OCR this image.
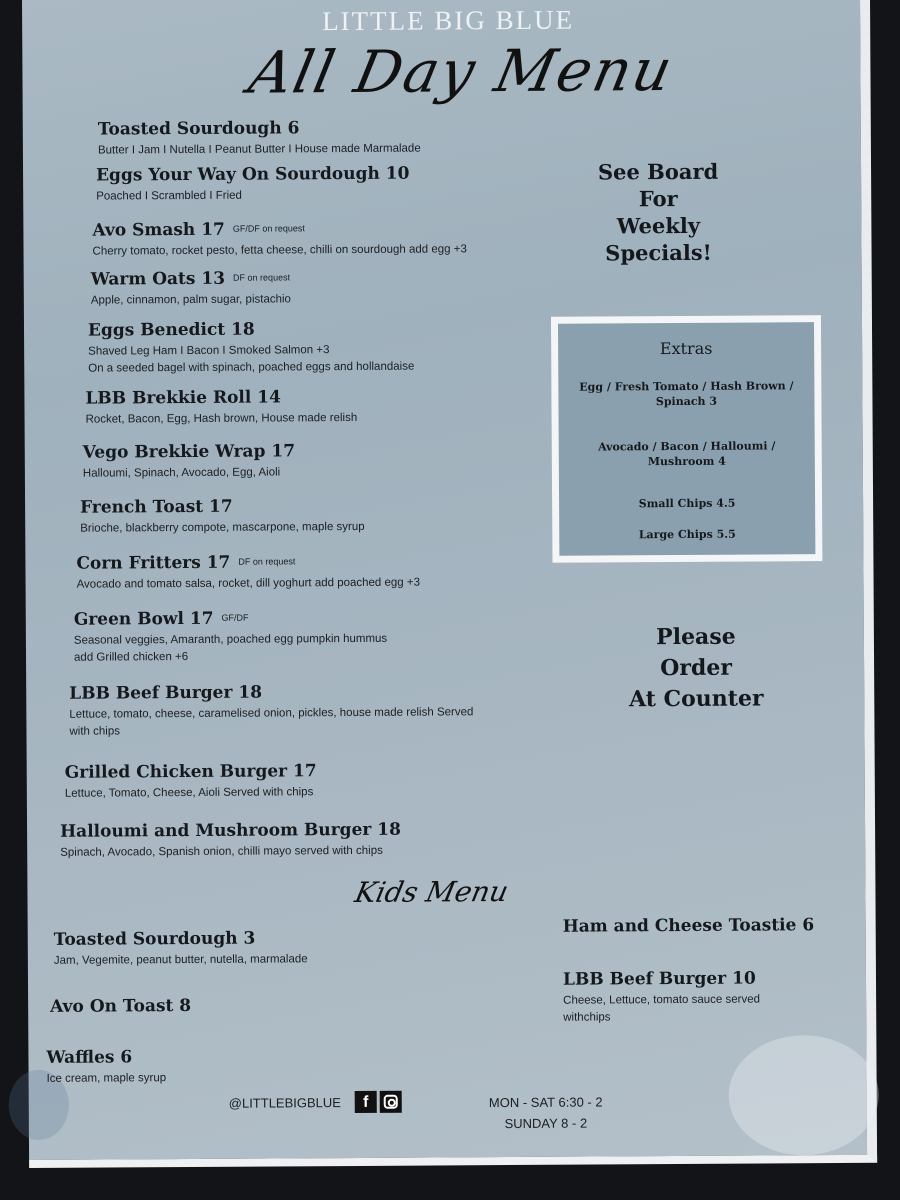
LITTLE BIG BLUE
All Day Menu
Toasted Sourdough 6
Butter I Jam I Nutella I Peanut Butter I House made Marmalade
Eggs Your Way On Sourdough 10
Poached I Scrambled I Fried
Avo Smash 17 GF/DF on request
Cherry tomato, rocket pesto, fetta cheese, chilli on sourdough add egg +3
Warm Oats 13 DF on request
Apple, cinnamon, palm sugar, pistachio
Eggs Benedict 18
Shaved Leg Ham I Bacon I Smoked Salmon +3
On a seeded bagel with spinach, poached eggs and hollandaise
LBB Brekkie Roll 14
Rocket, Bacon, Egg, Hash brown, House made relish
Vego Brekkie Wrap 17
Halloumi, Spinach, Avocado, Egg, Aioli
French Toast 17
Brioche, blackberry compote, mascarpone, maple syrup
Corn Fritters 17 DF on request
Avocado and tomato salsa, rocket, dill yoghurt add poached egg +3
Green Bowl 17 GF/DF
Seasonal veggies, Amaranth, poached egg pumpkin hummus
add Grilled chicken +6
LBB Beef Burger 18
Lettuce, tomato, cheese, caramelised onion, pickles, house made relish Served
with chips
Grilled Chicken Burger 17
Lettuce, Tomato, Cheese, Aioli Served with chips
Halloumi and Mushroom Burger 18
Spinach, Avocado, Spanish onion, chilli mayo served with chips
See Board
For
Weekly
Specials!
Extras
Egg / Fresh Tomato / Hash Brown / Spinach 3
Avocado / Bacon / Halloumi / Mushroom 4
Small Chips 4.5
Large Chips 5.5
Please
Order
At Counter
Kids Menu
Toasted Sourdough 3
Jam, Vegemite, peanut butter, nutella, marmalade
Avo On Toast 8
Waffles 6
Ice cream, maple syrup
Ham and Cheese Toastie 6
LBB Beef Burger 10
Cheese, Lettuce, tomato sauce served
withchips
@LITTLEBIGBLUE	f	MON - SAT 6:30 - 2
SUNDAY 8 - 2
